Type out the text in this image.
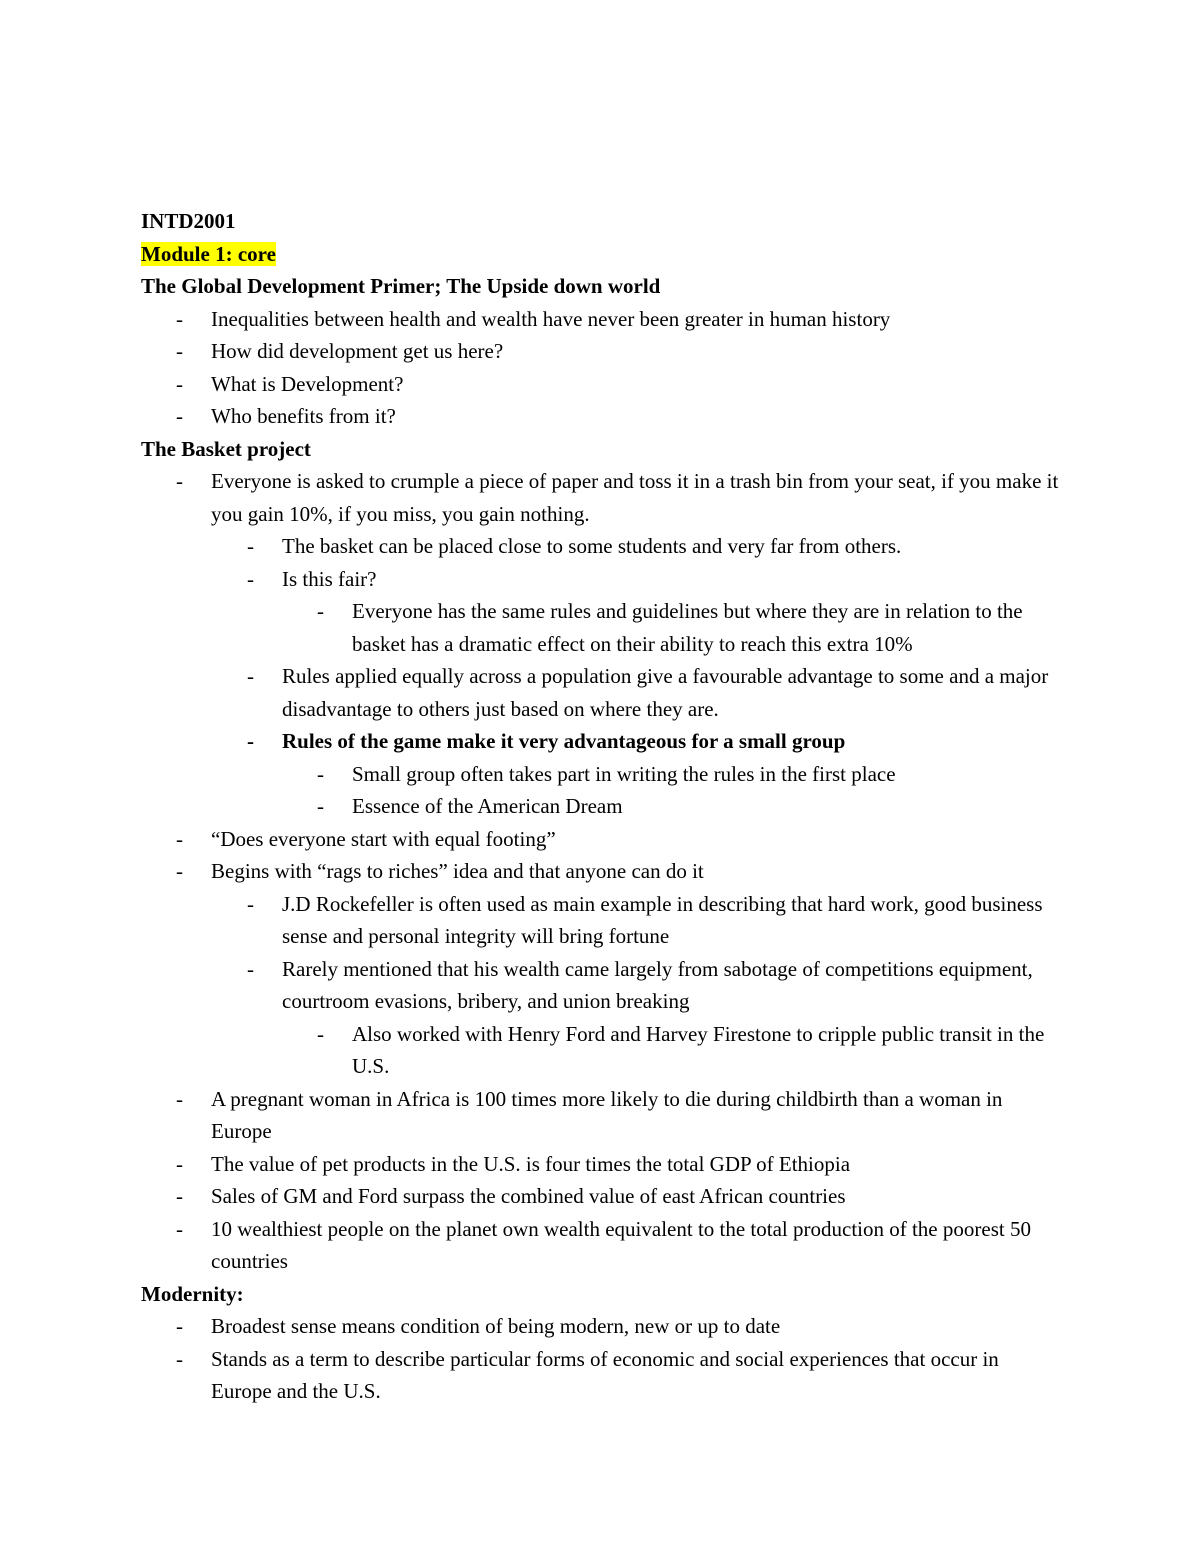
INTD2001

Module 1: core

The Global Development Primer; The Upside down world

- Inequalities between health and wealth have never been greater in human history
- How did development get us here?
- What is Development?
- Who benefits from it?

The Basket project

- Everyone is asked to crumple a piece of paper and toss it in a trash bin from your seat, if you make it you gain 10%, if you miss, you gain nothing.
- The basket can be placed close to some students and very far from others.
- Is this fair?
- Everyone has the same rules and guidelines but where they are in relation to the basket has a dramatic effect on their ability to reach this extra 10%
- Rules applied equally across a population give a favourable advantage to some and a major disadvantage to others just based on where they are.
- Rules of the game make it very advantageous for a small group
- Small group often takes part in writing the rules in the first place
- Essence of the American Dream
- “Does everyone start with equal footing”
- Begins with “rags to riches” idea and that anyone can do it
- J.D Rockefeller is often used as main example in describing that hard work, good business sense and personal integrity will bring fortune
- Rarely mentioned that his wealth came largely from sabotage of competitions equipment, courtroom evasions, bribery, and union breaking
- Also worked with Henry Ford and Harvey Firestone to cripple public transit in the U.S.
- A pregnant woman in Africa is 100 times more likely to die during childbirth than a woman in Europe
- The value of pet products in the U.S. is four times the total GDP of Ethiopia
- Sales of GM and Ford surpass the combined value of east African countries
- 10 wealthiest people on the planet own wealth equivalent to the total production of the poorest 50 countries

Modernity:

- Broadest sense means condition of being modern, new or up to date
- Stands as a term to describe particular forms of economic and social experiences that occur in Europe and the U.S.
